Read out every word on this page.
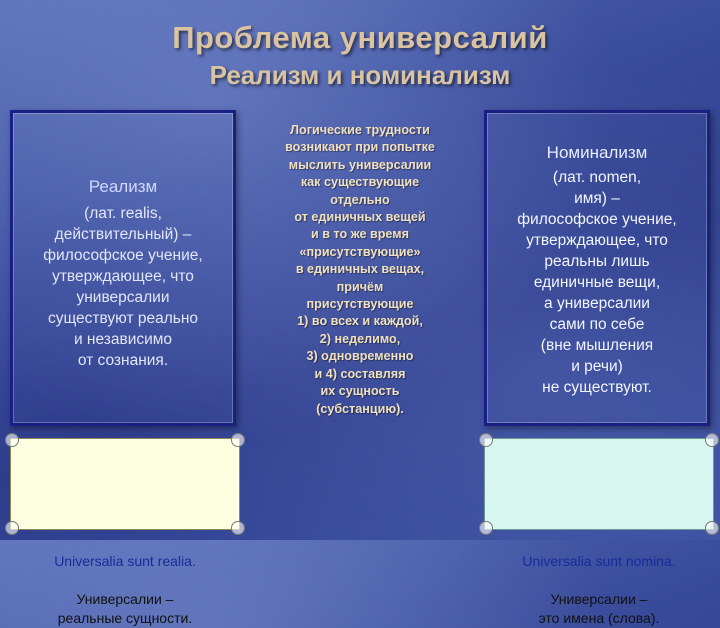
Проблема универсалий
Реализм и номинализм
Реализм
(лат. realis,
действительный) –
философское учение,
утверждающее, что
универсалии
существуют реально
и независимо
от сознания.
Логические трудности
возникают при попытке
мыслить универсалии
как существующие
отдельно
от единичных вещей
и в то же время
«присутствующие»
в единичных вещах,
причём
присутствующие
1) во всех и каждой,
2) неделимо,
3) одновременно
и 4) составляя
их сущность
(субстанцию).
Номинализм
(лат. nomen,
имя) –
философское учение,
утверждающее, что
реальны лишь
единичные вещи,
а универсалии
сами по себе
(вне мышления
и речи)
не существуют.

Universalia sunt realia.

Универсалии –
реальные сущности.

Universalia sunt nomina.

Универсалии –
это имена (слова).
